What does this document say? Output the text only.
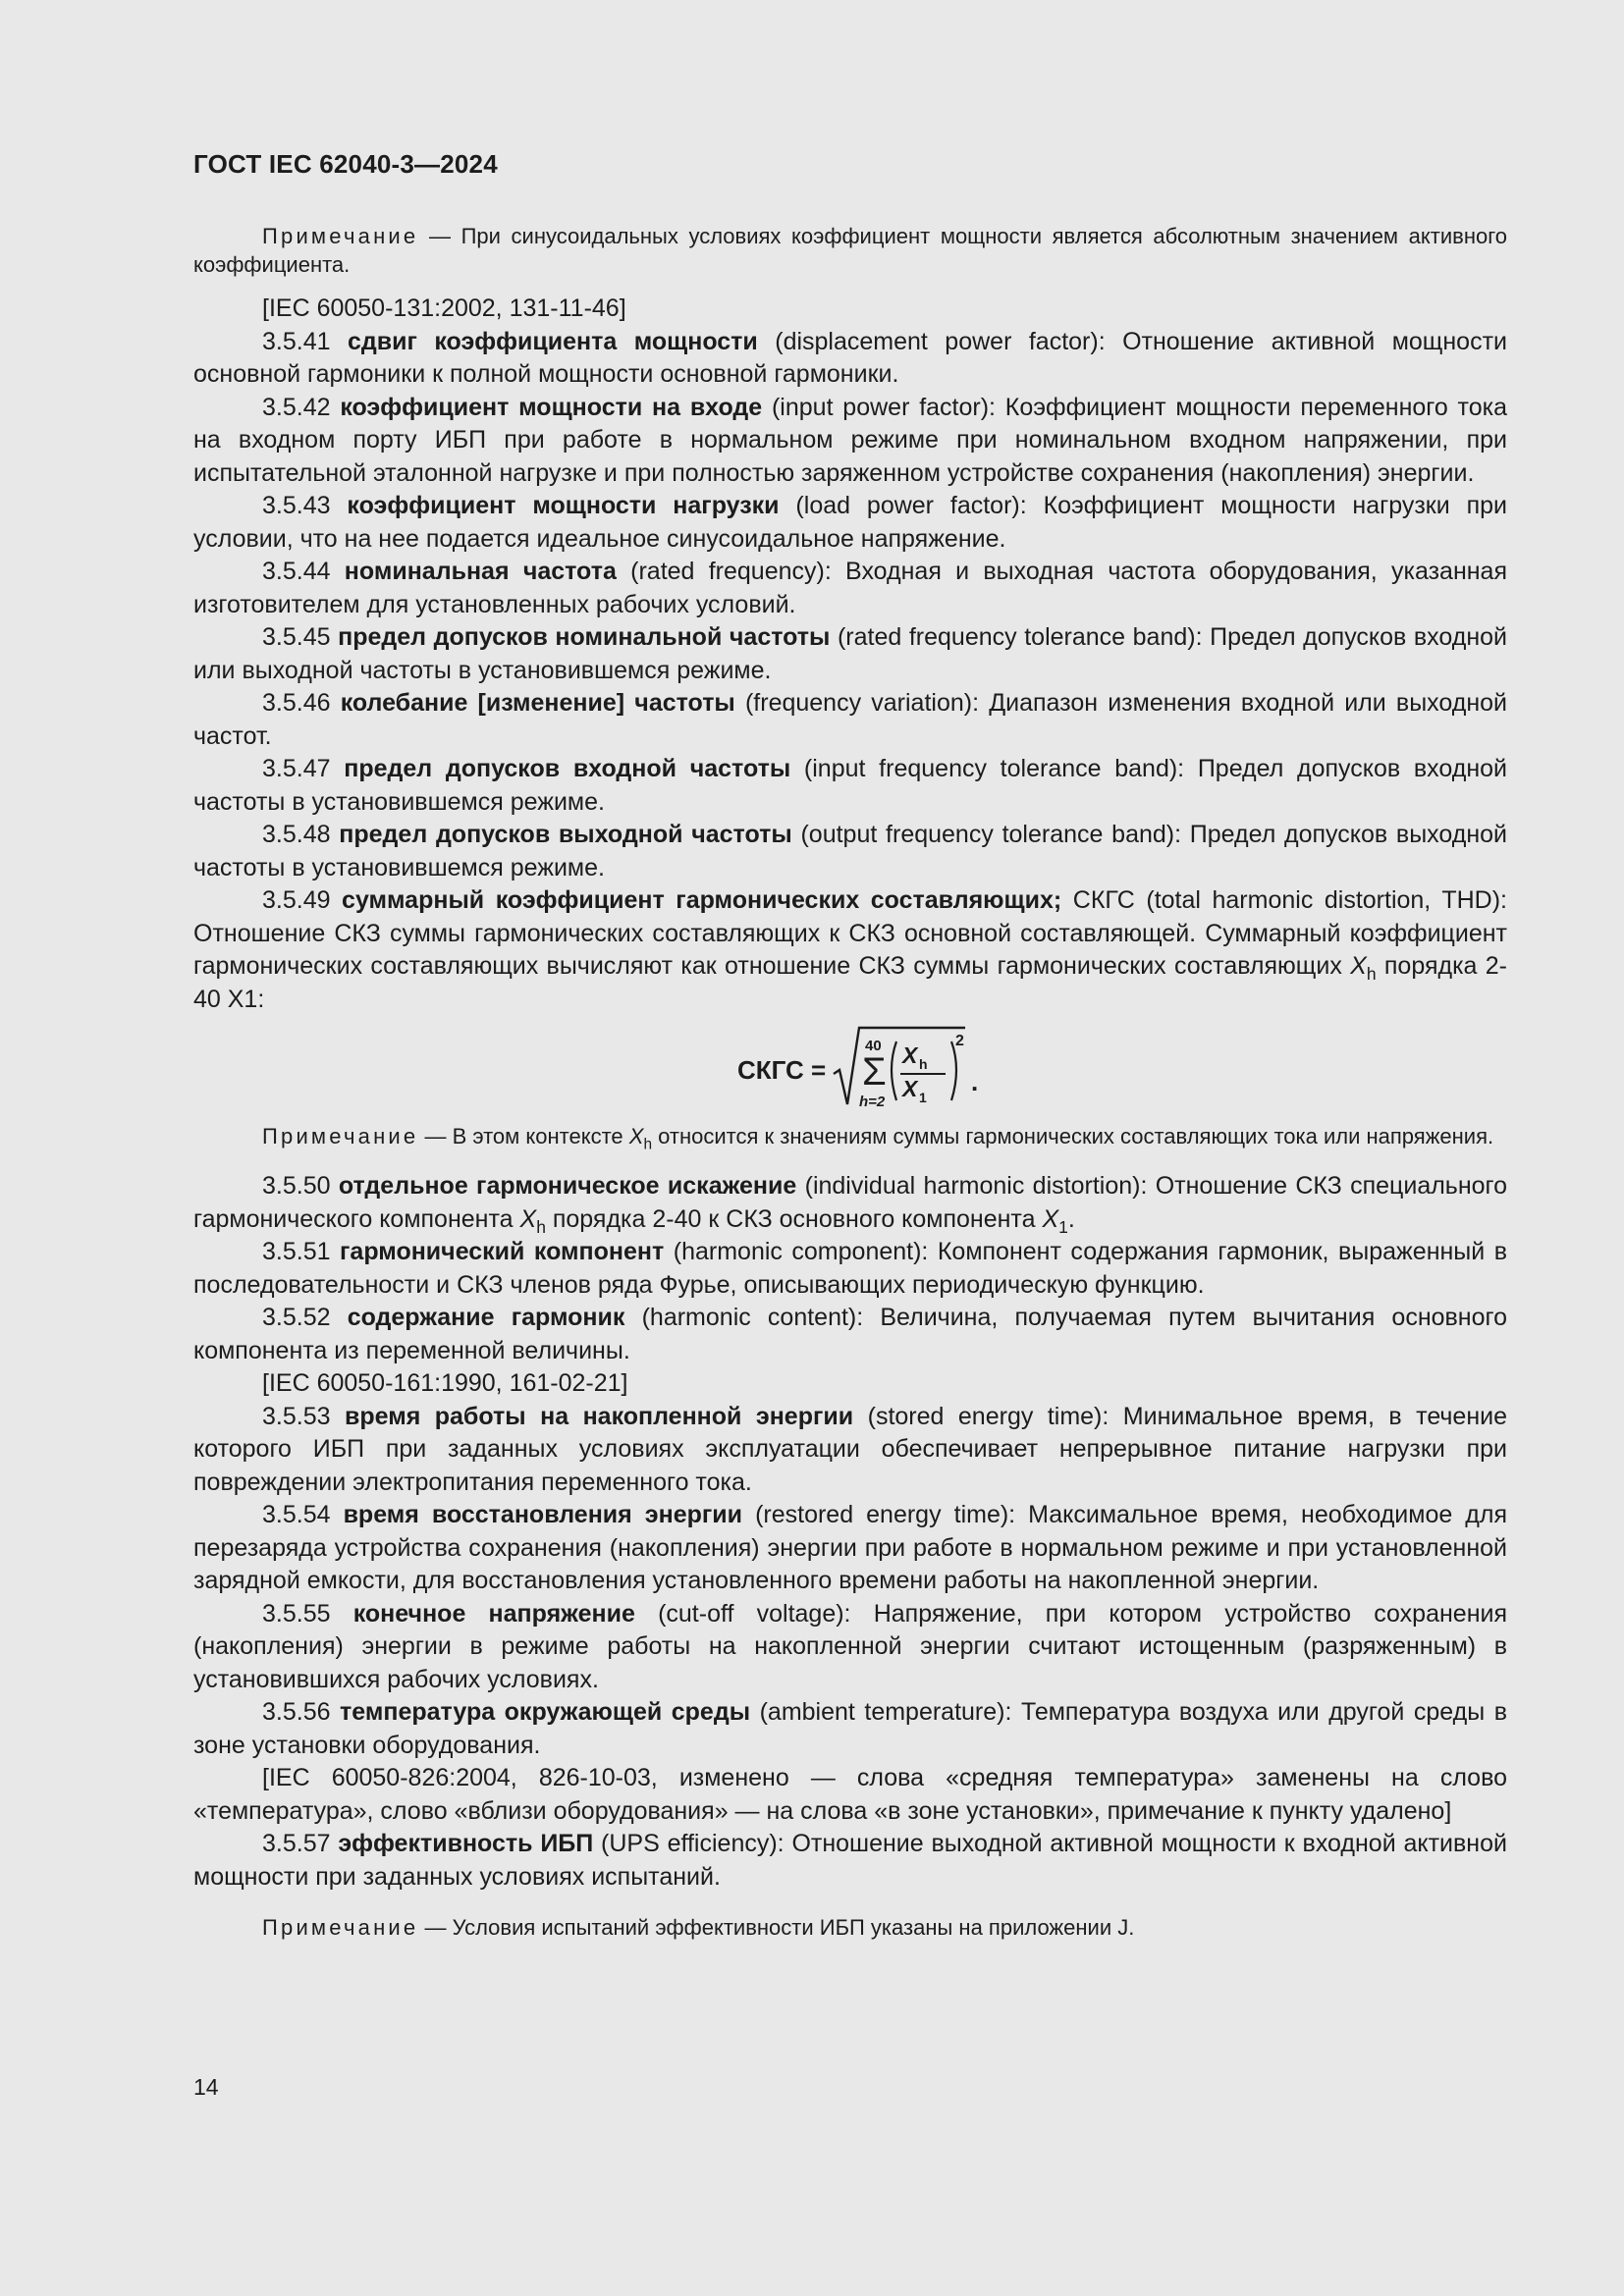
ГОСТ IEC 62040-3—2024

Примечание — При синусоидальных условиях коэффициент мощности является абсолютным значением активного коэффициента.

[IEC 60050-131:2002, 131-11-46]

3.5.41 сдвиг коэффициента мощности (displacement power factor): Отношение активной мощности основной гармоники к полной мощности основной гармоники.

3.5.42 коэффициент мощности на входе (input power factor): Коэффициент мощности переменного тока на входном порту ИБП при работе в нормальном режиме при номинальном входном напряжении, при испытательной эталонной нагрузке и при полностью заряженном устройстве сохранения (накопления) энергии.

3.5.43 коэффициент мощности нагрузки (load power factor): Коэффициент мощности нагрузки при условии, что на нее подается идеальное синусоидальное напряжение.

3.5.44 номинальная частота (rated frequency): Входная и выходная частота оборудования, указанная изготовителем для установленных рабочих условий.

3.5.45 предел допусков номинальной частоты (rated frequency tolerance band): Предел допусков входной или выходной частоты в установившемся режиме.

3.5.46 колебание [изменение] частоты (frequency variation): Диапазон изменения входной или выходной частот.

3.5.47 предел допусков входной частоты (input frequency tolerance band): Предел допусков входной частоты в установившемся режиме.

3.5.48 предел допусков выходной частоты (output frequency tolerance band): Предел допусков выходной частоты в установившемся режиме.

3.5.49 суммарный коэффициент гармонических составляющих; СКГС (total harmonic distortion, THD): Отношение СКЗ суммы гармонических составляющих к СКЗ основной составляющей. Суммарный коэффициент гармонических составляющих вычисляют как отношение СКЗ суммы гармонических составляющих $X_h$ порядка 2-40 X1:

СКГС =
40
Σ
h=2
X h
X 1
2
.

Примечание — В этом контексте $X_h$ относится к значениям суммы гармонических составляющих тока или напряжения.

3.5.50 отдельное гармоническое искажение (individual harmonic distortion): Отношение СКЗ специального гармонического компонента $X_h$ порядка 2-40 к СКЗ основного компонента $X_1$.

3.5.51 гармонический компонент (harmonic component): Компонент содержания гармоник, выраженный в последовательности и СКЗ членов ряда Фурье, описывающих периодическую функцию.

3.5.52 содержание гармоник (harmonic content): Величина, получаемая путем вычитания основного компонента из переменной величины.

[IEC 60050-161:1990, 161-02-21]

3.5.53 время работы на накопленной энергии (stored energy time): Минимальное время, в течение которого ИБП при заданных условиях эксплуатации обеспечивает непрерывное питание нагрузки при повреждении электропитания переменного тока.

3.5.54 время восстановления энергии (restored energy time): Максимальное время, необходимое для перезаряда устройства сохранения (накопления) энергии при работе в нормальном режиме и при установленной зарядной емкости, для восстановления установленного времени работы на накопленной энергии.

3.5.55 конечное напряжение (cut-off voltage): Напряжение, при котором устройство сохранения (накопления) энергии в режиме работы на накопленной энергии считают истощенным (разряженным) в установившихся рабочих условиях.

3.5.56 температура окружающей среды (ambient temperature): Температура воздуха или другой среды в зоне установки оборудования.

[IEC 60050-826:2004, 826-10-03, изменено — слова «средняя температура» заменены на слово «температура», слово «вблизи оборудования» — на слова «в зоне установки», примечание к пункту удалено]

3.5.57 эффективность ИБП (UPS efficiency): Отношение выходной активной мощности к входной активной мощности при заданных условиях испытаний.

Примечание — Условия испытаний эффективности ИБП указаны на приложении J.

14
